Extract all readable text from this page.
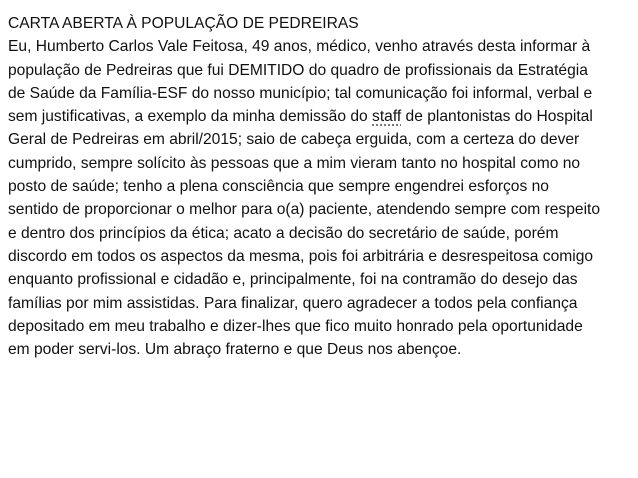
CARTA ABERTA À POPULAÇÃO DE PEDREIRAS
Eu, Humberto Carlos Vale Feitosa, 49 anos, médico, venho através desta informar à
população de Pedreiras que fui DEMITIDO do quadro de profissionais da Estratégia
de Saúde da Família-ESF do nosso município; tal comunicação foi informal, verbal e
sem justificativas, a exemplo da minha demissão do staff de plantonistas do Hospital
Geral de Pedreiras em abril/2015; saio de cabeça erguida, com a certeza do dever
cumprido, sempre solícito às pessoas que a mim vieram tanto no hospital como no
posto de saúde; tenho a plena consciência que sempre engendrei esforços no
sentido de proporcionar o melhor para o(a) paciente, atendendo sempre com respeito
e dentro dos princípios da ética; acato a decisão do secretário de saúde, porém
discordo em todos os aspectos da mesma, pois foi arbitrária e desrespeitosa comigo
enquanto profissional e cidadão e, principalmente, foi na contramão do desejo das
famílias por mim assistidas. Para finalizar, quero agradecer a todos pela confiança
depositado em meu trabalho e dizer-lhes que fico muito honrado pela oportunidade
em poder servi-los. Um abraço fraterno e que Deus nos abençoe.
